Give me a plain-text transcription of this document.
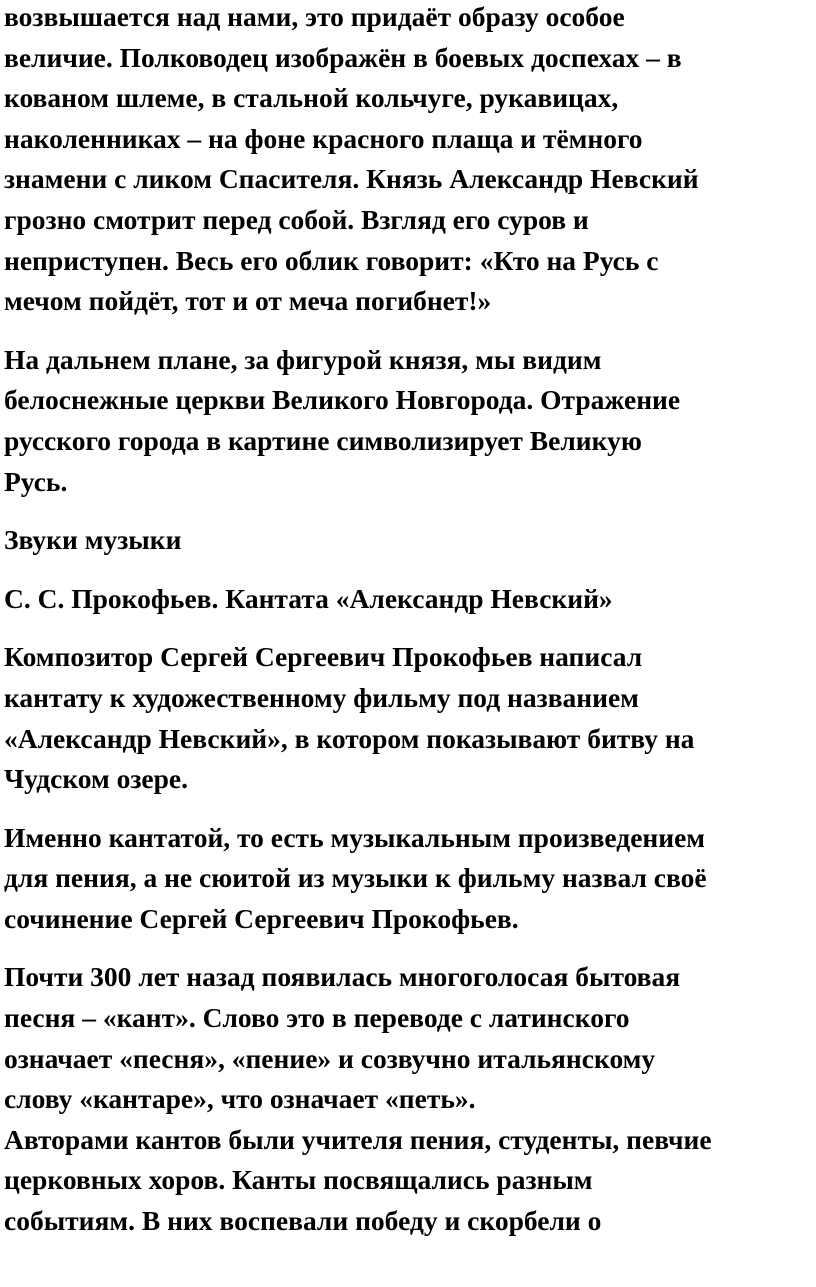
возвышается над нами, это придаёт образу особое
величие. Полководец изображён в боевых доспехах – в
кованом шлеме, в стальной кольчуге, рукавицах,
наколенниках – на фоне красного плаща и тёмного
знамени с ликом Спасителя. Князь Александр Невский
грозно смотрит перед собой. Взгляд его суров и
неприступен. Весь его облик говорит: «Кто на Русь с
мечом пойдёт, тот и от меча погибнет!»
На дальнем плане, за фигурой князя, мы видим
белоснежные церкви Великого Новгорода. Отражение
русского города в картине символизирует Великую
Русь.
Звуки музыки
С. С. Прокофьев. Кантата «Александр Невский»
Композитор Сергей Сергеевич Прокофьев написал
кантату к художественному фильму под названием
«Александр Невский», в котором показывают битву на
Чудском озере.
Именно кантатой, то есть музыкальным произведением
для пения, а не сюитой из музыки к фильму назвал своё
сочинение Сергей Сергеевич Прокофьев.
Почти 300 лет назад появилась многоголосая бытовая
песня – «кант». Слово это в переводе с латинского
означает «песня», «пение» и созвучно итальянскому
слову «кантаре», что означает «петь».
Авторами кантов были учителя пения, студенты, певчие
церковных хоров. Канты посвящались разным
событиям. В них воспевали победу и скорбели о
